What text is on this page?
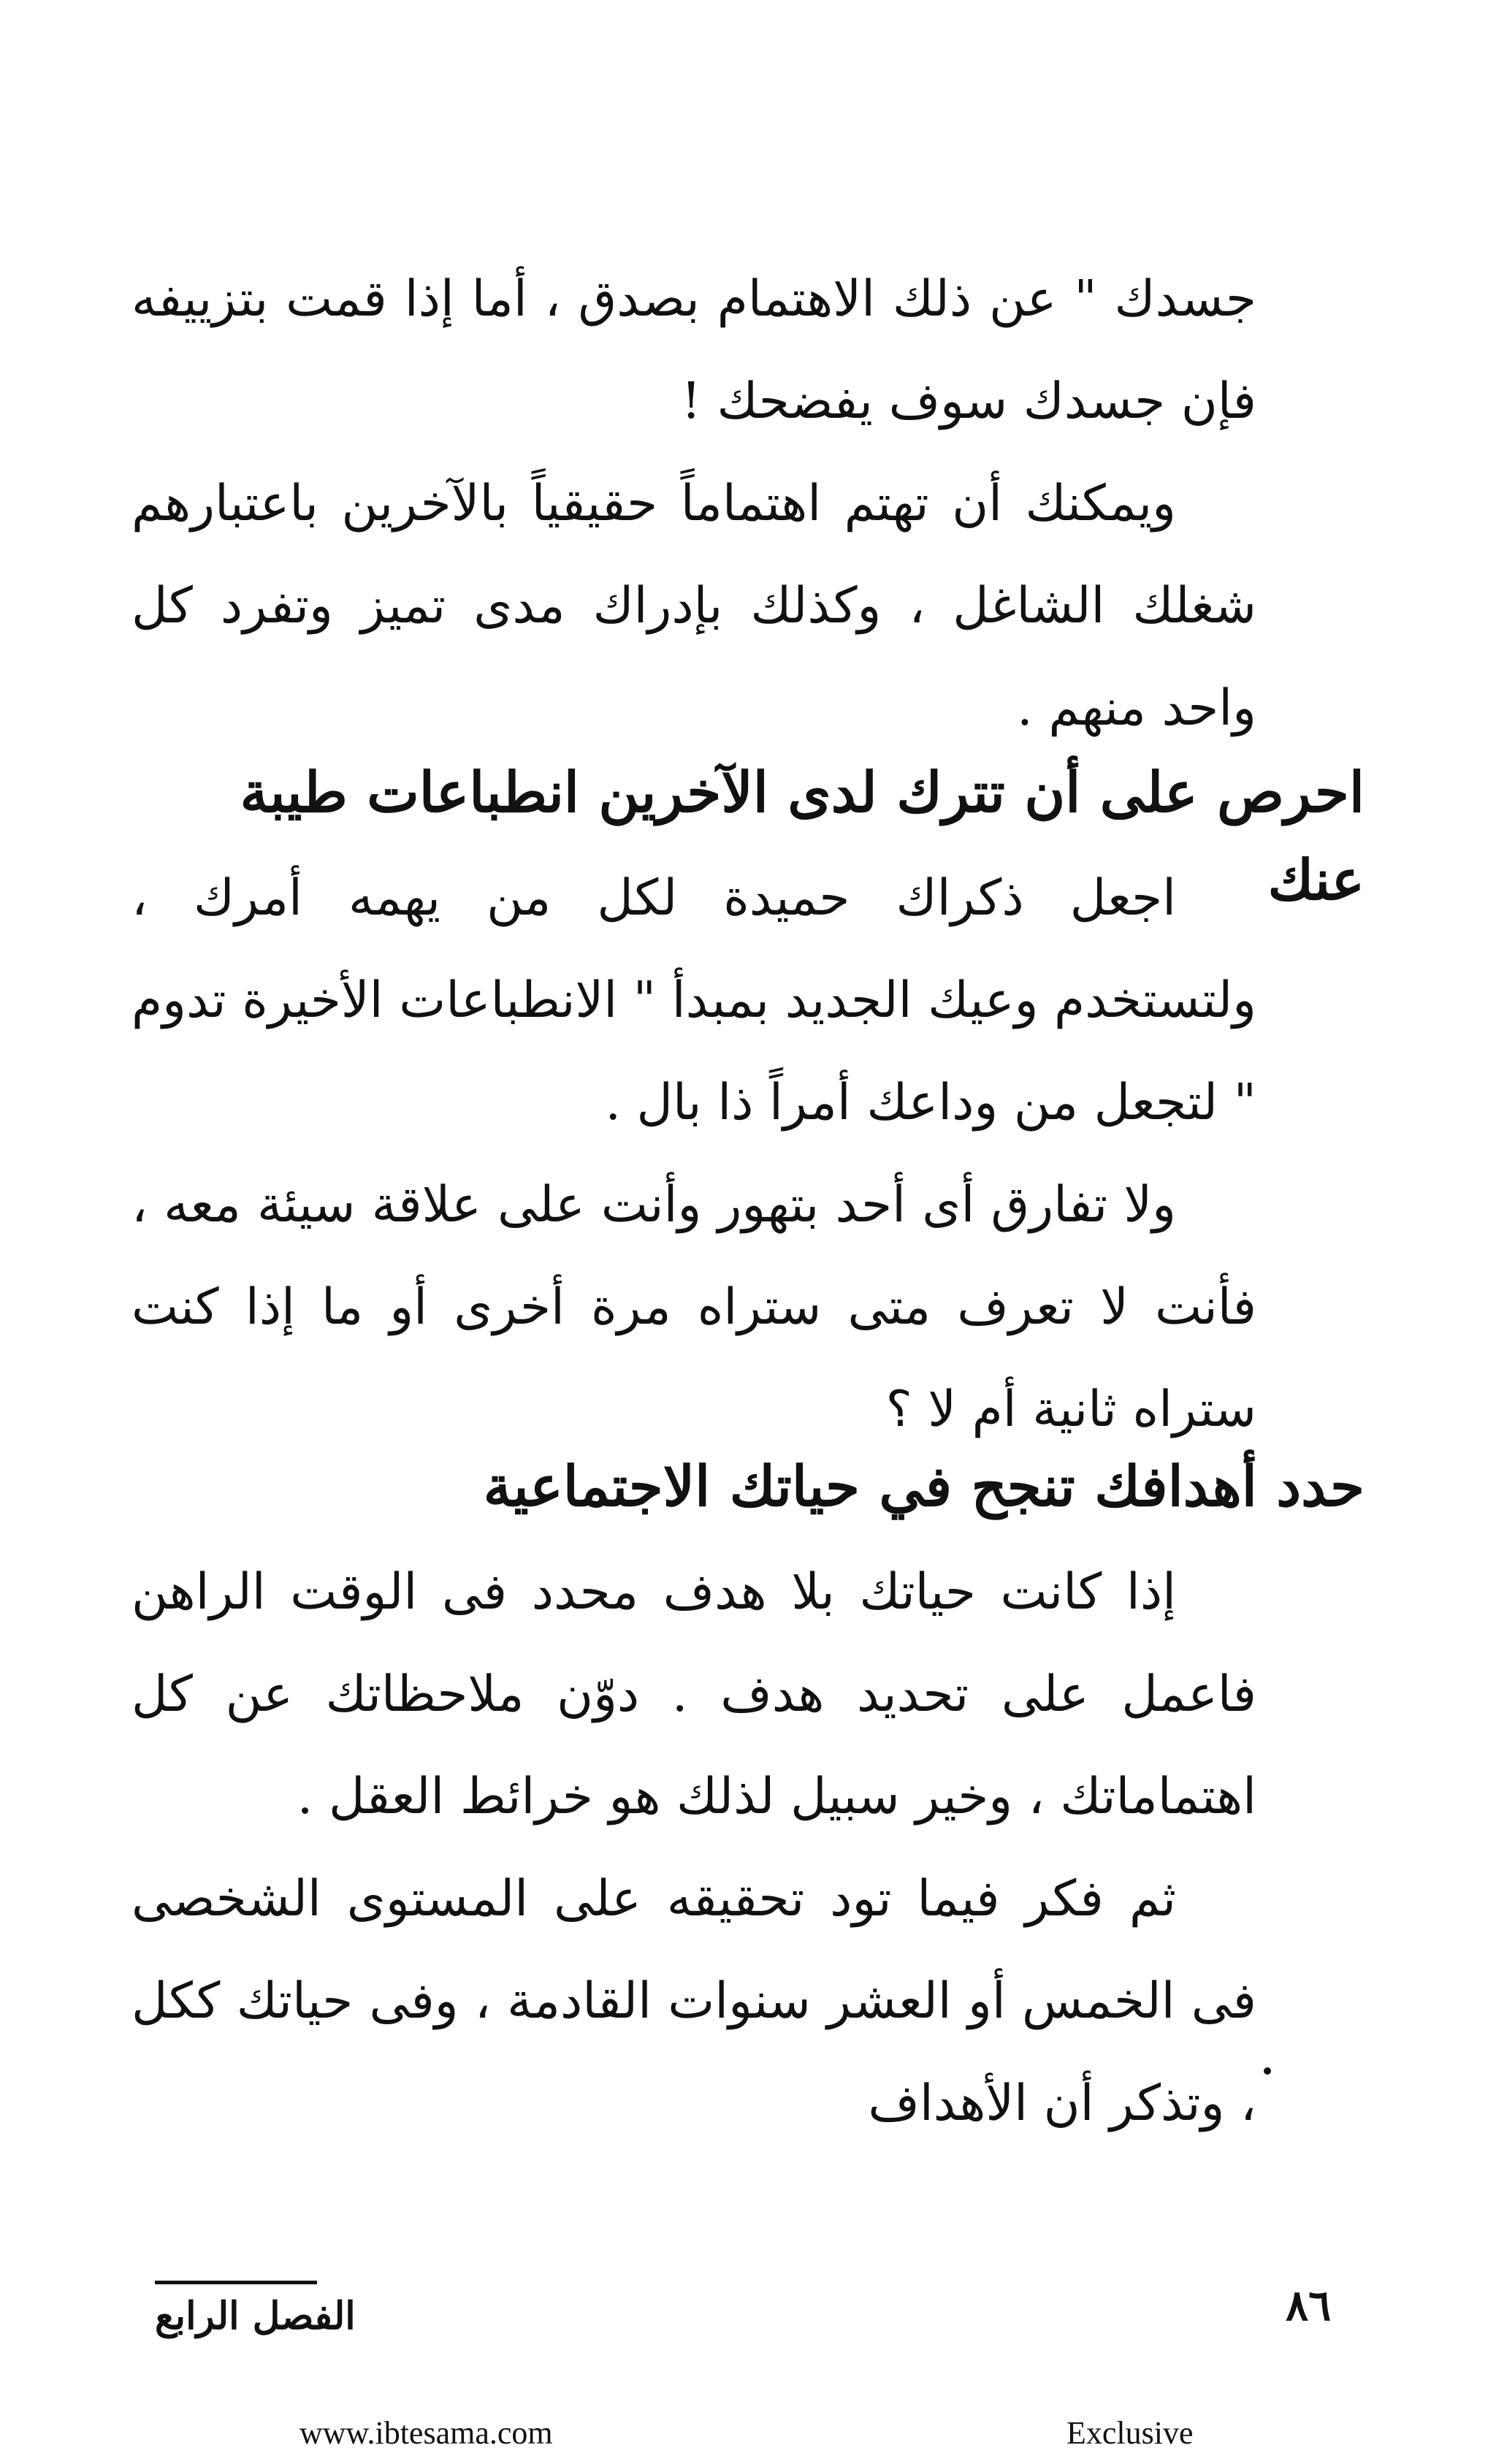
جسدك " عن ذلك الاهتمام بصدق ، أما إذا قمت بتزييفه فإن جسدك سوف يفضحك !

ويمكنك أن تهتم اهتماماً حقيقياً بالآخرين باعتبارهم شغلك الشاغل ، وكذلك بإدراك مدى تميز وتفرد كل واحد منهم .

احرص على أن تترك لدى الآخرين انطباعات طيبة عنك

اجعل ذكراك حميدة لكل من يهمه أمرك ، ولتستخدم وعيك الجديد بمبدأ " الانطباعات الأخيرة تدوم " لتجعل من وداعك أمراً ذا بال .

ولا تفارق أى أحد بتهور وأنت على علاقة سيئة معه ، فأنت لا تعرف متى ستراه مرة أخرى أو ما إذا كنت ستراه ثانية أم لا ؟

حدد أهدافك تنجح في حياتك الاجتماعية

إذا كانت حياتك بلا هدف محدد فى الوقت الراهن فاعمل على تحديد هدف . دوّن ملاحظاتك عن كل اهتماماتك ، وخير سبيل لذلك هو خرائط العقل .

ثم فكر فيما تود تحقيقه على المستوى الشخصى فى الخمس أو العشر سنوات القادمة ، وفى حياتك ككل ، وتذكر أن الأهداف

الفصل الرابع	٨٦
www.ibtesama.com	Exclusive
